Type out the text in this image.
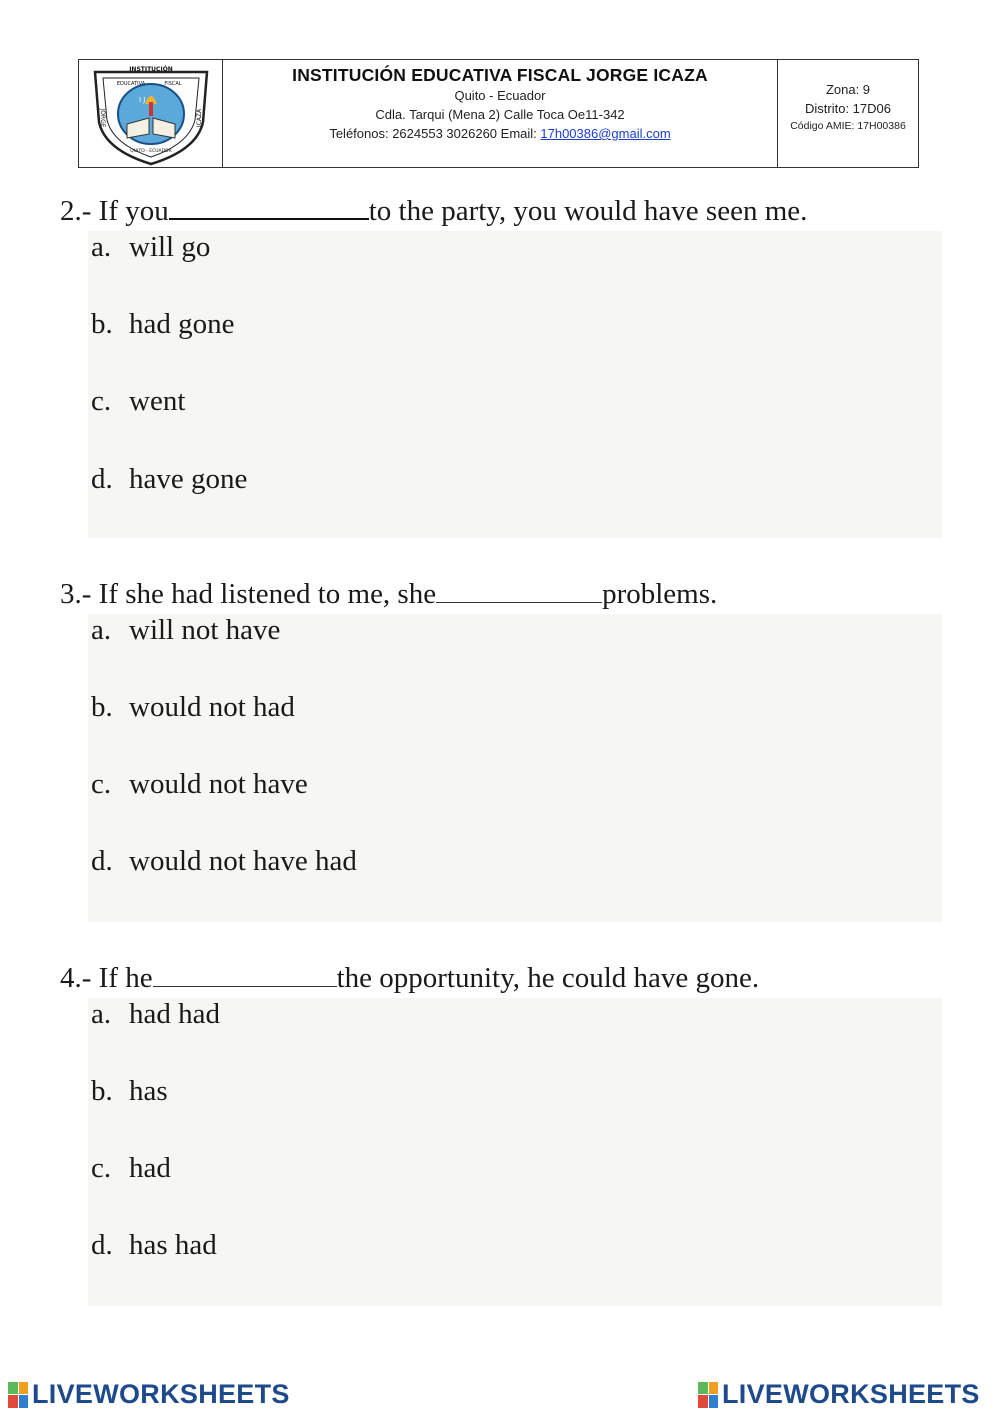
I J
INSTITUCIÓN
EDUCATIVA	FISCAL
JORGE	ICAZA
QUITO - ECUADOR
INSTITUCIÓN EDUCATIVA FISCAL JORGE ICAZA
Quito - Ecuador
Cdla. Tarqui (Mena 2) Calle Toca Oe11-342
Teléfonos: 2624553 3026260 Email: 17h00386@gmail.com
Zona: 9
Distrito: 17D06
Código AMIE: 17H00386
2.- If you	to the party, you would have seen me.
a. will go
b. had gone
c. went
d. have gone
3.- If she had listened to me, she	problems.
a. will not have
b. would not had
c. would not have
d. would not have had
4.- If he	the opportunity, he could have gone.
a. had had
b. has
c. had
d. has had
LIVEWORKSHEETS	LIVEWORKSHEETS
